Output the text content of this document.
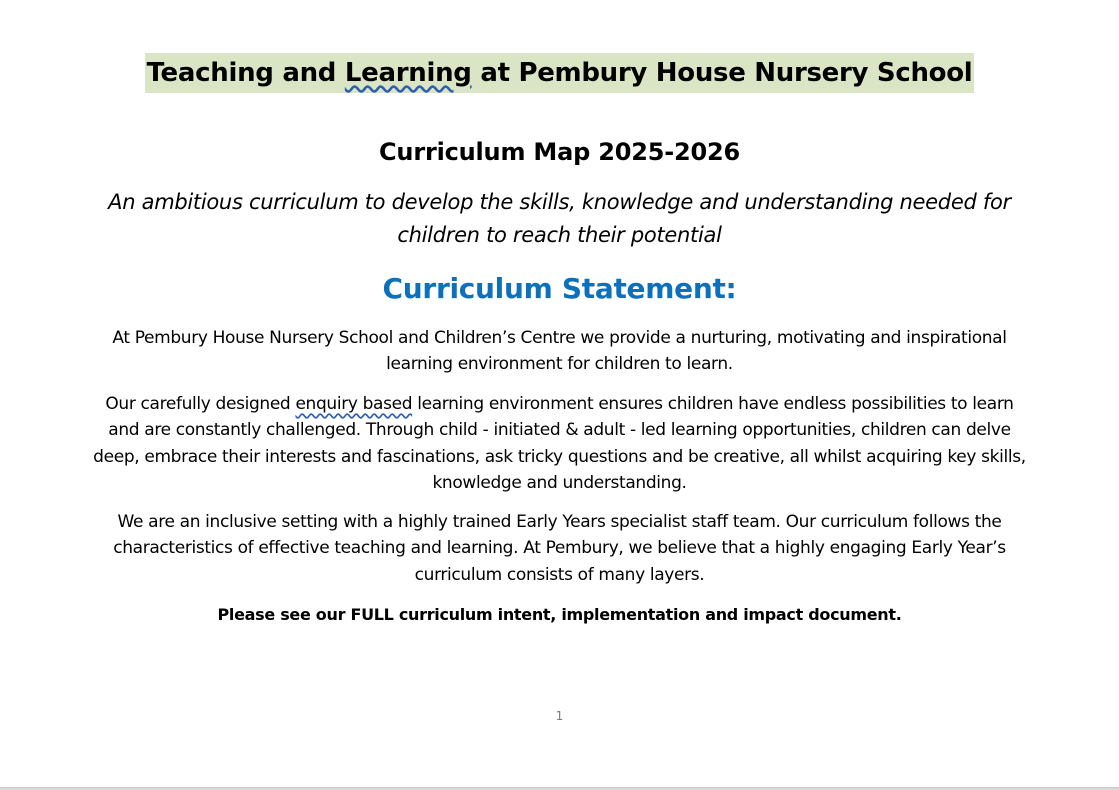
Teaching and Learning at Pembury House Nursery School
Curriculum Map 2025-2026
An ambitious curriculum to develop the skills, knowledge and understanding needed for children to reach their potential
Curriculum Statement:
At Pembury House Nursery School and Children’s Centre we provide a nurturing, motivating and inspirational learning environment for children to learn.
Our carefully designed enquiry based learning environment ensures children have endless possibilities to learn and are constantly challenged. Through child - initiated & adult - led learning opportunities, children can delve deep, embrace their interests and fascinations, ask tricky questions and be creative, all whilst acquiring key skills, knowledge and understanding.
We are an inclusive setting with a highly trained Early Years specialist staff team. Our curriculum follows the characteristics of effective teaching and learning. At Pembury, we believe that a highly engaging Early Year’s curriculum consists of many layers.
Please see our FULL curriculum intent, implementation and impact document.
1
